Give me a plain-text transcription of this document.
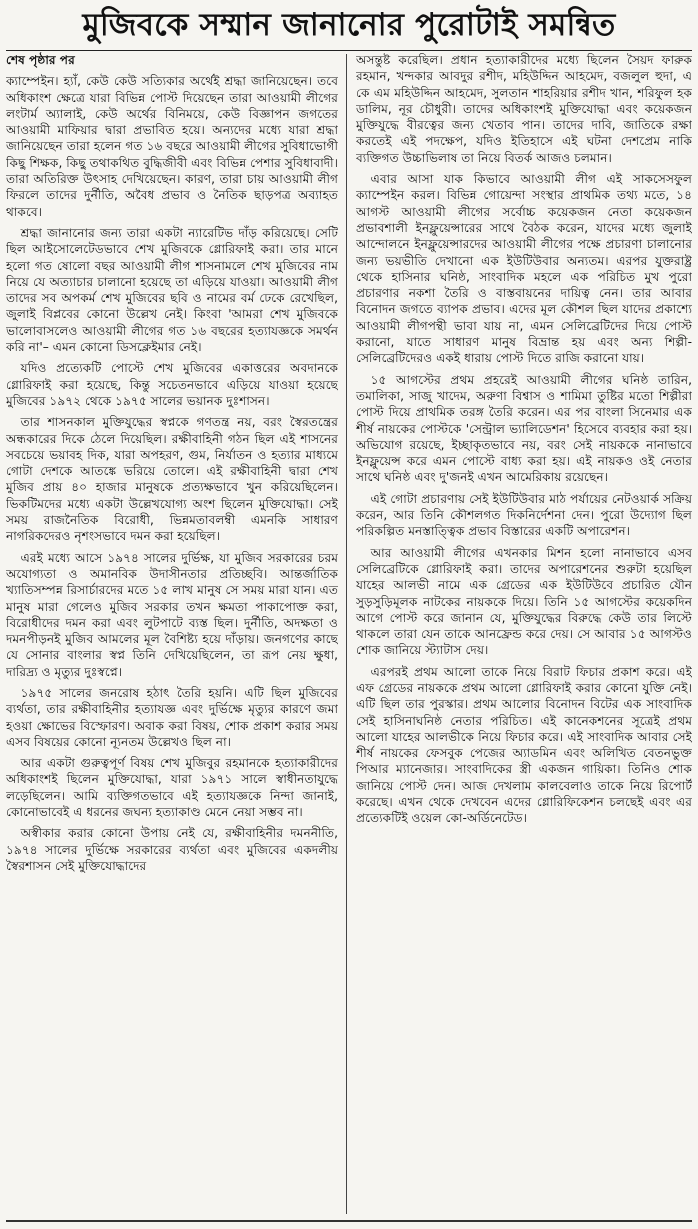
মুজিবকে সম্মান জানানোর পুরোটাই সমন্বিত

শেষ পৃষ্ঠার পর

ক্যাম্পেইন। হ্যাঁ, কেউ কেউ সত্যিকার অর্থেই শ্রদ্ধা জানিয়েছেন। তবে অধিকাংশ ক্ষেত্রে যারা বিভিন্ন পোস্ট দিয়েছেন তারা আওয়ামী লীগের লংটার্ম অ্যালাই, কেউ অর্থের বিনিময়ে, কেউ বিজ্ঞাপন জগতের আওয়ামী মাফিয়ার দ্বারা প্রভাবিত হয়ে। অন্যদের মধ্যে যারা শ্রদ্ধা জানিয়েছেন তারা হলেন গত ১৬ বছরে আওয়ামী লীগের সুবিধাভোগী কিছু শিক্ষক, কিছু তথাকথিত বুদ্ধিজীবী এবং বিভিন্ন পেশার সুবিধাবাদী। তারা অতিরিক্ত উৎসাহ দেখিয়েছেন। কারণ, তারা চায় আওয়ামী লীগ ফিরলে তাদের দুর্নীতি, অবৈধ প্রভাব ও নৈতিক ছাড়পত্র অব্যাহত থাকবে।

শ্রদ্ধা জানানোর জন্য তারা একটা ন্যারেটিভ দাঁড় করিয়েছে। সেটি ছিল আইসোলেটেডভাবে শেখ মুজিবকে গ্লোরিফাই করা। তার মানে হলো গত ষোলো বছর আওয়ামী লীগ শাসনামলে শেখ মুজিবের নাম নিয়ে যে অত্যাচার চালানো হয়েছে তা এড়িয়ে যাওয়া। আওয়ামী লীগ তাদের সব অপকর্ম শেখ মুজিবের ছবি ও নামের বর্ম ঢেকে রেখেছিল, জুলাই বিপ্লবের কোনো উল্লেখ নেই। কিংবা 'আমরা শেখ মুজিবকে ভালোবাসলেও আওয়ামী লীগের গত ১৬ বছরের হত্যাযজ্ঞকে সমর্থন করি না'– এমন কোনো ডিসক্লেইমার নেই।

যদিও প্রত্যেকটি পোস্টে শেখ মুজিবের একাত্তরের অবদানকে গ্লোরিফাই করা হয়েছে, কিন্তু সচেতনভাবে এড়িয়ে যাওয়া হয়েছে মুজিবের ১৯৭২ থেকে ১৯৭৫ সালের ভয়ানক দুঃশাসন।

তার শাসনকাল মুক্তিযুদ্ধের স্বপ্নকে গণতন্ত্র নয়, বরং স্বৈরতন্ত্রের অন্ধকারের দিকে ঠেলে দিয়েছিল। রক্ষীবাহিনী গঠন ছিল এই শাসনের সবচেয়ে ভয়াবহ দিক, যারা অপহরণ, গুম, নির্যাতন ও হত্যার মাধ্যমে গোটা দেশকে আতঙ্কে ভরিয়ে তোলে। এই রক্ষীবাহিনী দ্বারা শেখ মুজিব প্রায় ৪০ হাজার মানুষকে প্রত্যক্ষভাবে খুন করিয়েছিলেন। ভিকটিমদের মধ্যে একটা উল্লেখযোগ্য অংশ ছিলেন মুক্তিযোদ্ধা। সেই সময় রাজনৈতিক বিরোধী, ভিন্নমতাবলম্বী এমনকি সাধারণ নাগরিকদেরও নৃশংসভাবে দমন করা হয়েছিল।

এরই মধ্যে আসে ১৯৭৪ সালের দুর্ভিক্ষ, যা মুজিব সরকারের চরম অযোগ্যতা ও অমানবিক উদাসীনতার প্রতিচ্ছবি। আন্তর্জাতিক খ্যাতিসম্পন্ন রিসার্চারদের মতে ১৫ লাখ মানুষ সে সময় মারা যান। এত মানুষ মারা গেলেও মুজিব সরকার তখন ক্ষমতা পাকাপোক্ত করা, বিরোধীদের দমন করা এবং লুটপাটে ব্যস্ত ছিল। দুর্নীতি, অদক্ষতা ও দমনপীড়নই মুজিব আমলের মূল বৈশিষ্ট্য হয়ে দাঁড়ায়। জনগণের কাছে যে সোনার বাংলার স্বপ্ন তিনি দেখিয়েছিলেন, তা রূপ নেয় ক্ষুধা, দারিদ্র্য ও মৃত্যুর দুঃস্বপ্নে।

১৯৭৫ সালের জনরোষ হঠাৎ তৈরি হয়নি। এটি ছিল মুজিবের ব্যর্থতা, তার রক্ষীবাহিনীর হত্যাযজ্ঞ এবং দুর্ভিক্ষে মৃত্যুর কারণে জমা হওয়া ক্ষোভের বিস্ফোরণ। অবাক করা বিষয়, শোক প্রকাশ করার সময় এসব বিষয়ের কোনো ন্যূনতম উল্লেখও ছিল না।

আর একটা গুরুত্বপূর্ণ বিষয় শেখ মুজিবুর রহমানকে হত্যাকারীদের অধিকাংশই ছিলেন মুক্তিযোদ্ধা, যারা ১৯৭১ সালে স্বাধীনতাযুদ্ধে লড়েছিলেন। আমি ব্যক্তিগতভাবে এই হত্যাযজ্ঞকে নিন্দা জানাই, কোনোভাবেই এ ধরনের জঘন্য হত্যাকাণ্ড মেনে নেয়া সম্ভব না।

অস্বীকার করার কোনো উপায় নেই যে, রক্ষীবাহিনীর দমননীতি, ১৯৭৪ সালের দুর্ভিক্ষে সরকারের ব্যর্থতা এবং মুজিবের একদলীয় স্বৈরশাসন সেই মুক্তিযোদ্ধাদের

অসন্তুষ্ট করেছিল। প্রধান হত্যাকারীদের মধ্যে ছিলেন সৈয়দ ফারুক রহমান, খন্দকার আবদুর রশীদ, মহিউদ্দিন আহমেদ, বজলুল হুদা, এ কে এম মহিউদ্দিন আহমেদ, সুলতান শাহরিয়ার রশীদ খান, শরিফুল হক ডালিম, নূর চৌধুরী। তাদের অধিকাংশই মুক্তিযোদ্ধা এবং কয়েকজন মুক্তিযুদ্ধে বীরত্বের জন্য খেতাব পান। তাদের দাবি, জাতিকে রক্ষা করতেই এই পদক্ষেপ, যদিও ইতিহাসে এই ঘটনা দেশপ্রেম নাকি ব্যক্তিগত উচ্চাভিলাষ তা নিয়ে বিতর্ক আজও চলমান।

এবার আসা যাক কিভাবে আওয়ামী লীগ এই সাকসেসফুল ক্যাম্পেইন করল। বিভিন্ন গোয়েন্দা সংস্থার প্রাথমিক তথ্য মতে, ১৪ আগস্ট আওয়ামী লীগের সর্বোচ্চ কয়েকজন নেতা কয়েকজন প্রভাবশালী ইনফ্লুয়েন্সারের সাথে বৈঠক করেন, যাদের মধ্যে জুলাই আন্দোলনে ইনফ্লুয়েন্সারদের আওয়ামী লীগের পক্ষে প্রচারণা চালানোর জন্য ভয়ভীতি দেখানো এক ইউটিউবার অন্যতম। এরপর যুক্তরাষ্ট্র থেকে হাসিনার ঘনিষ্ঠ, সাংবাদিক মহলে এক পরিচিত মুখ পুরো প্রচারণার নকশা তৈরি ও বাস্তবায়নের দায়িত্ব নেন। তার আবার বিনোদন জগতে ব্যাপক প্রভাব। এদের মূল কৌশল ছিল যাদের প্রকাশ্যে আওয়ামী লীগপন্থী ভাবা যায় না, এমন সেলিব্রেটিদের দিয়ে পোস্ট করানো, যাতে সাধারণ মানুষ বিভ্রান্ত হয় এবং অন্য শিল্পী-সেলিব্রেটিদেরও একই ধারায় পোস্ট দিতে রাজি করানো যায়।

১৫ আগস্টের প্রথম প্রহরেই আওয়ামী লীগের ঘনিষ্ঠ তারিন, তমালিকা, সাজু খাদেম, অরুণা বিশ্বাস ও শামিমা তুষ্টির মতো শিল্পীরা পোস্ট দিয়ে প্রাথমিক তরঙ্গ তৈরি করেন। এর পর বাংলা সিনেমার এক শীর্ষ নায়কের পোস্টকে 'সেন্ট্রাল ভ্যালিডেশন' হিসেবে ব্যবহার করা হয়। অভিযোগ রয়েছে, ইচ্ছাকৃতভাবে নয়, বরং সেই নায়ককে নানাভাবে ইনফ্লুয়েন্স করে এমন পোস্টে বাধ্য করা হয়। এই নায়কও ওই নেতার সাথে ঘনিষ্ঠ এবং দু'জনই এখন আমেরিকায় রয়েছেন।

এই গোটা প্রচারণায় সেই ইউটিউবার মাঠ পর্যায়ের নেটওয়ার্ক সক্রিয় করেন, আর তিনি কৌশলগত দিকনির্দেশনা দেন। পুরো উদ্যোগ ছিল পরিকল্পিত মনস্তাত্ত্বিক প্রভাব বিস্তারের একটি অপারেশন।

আর আওয়ামী লীগের এখনকার মিশন হলো নানাভাবে এসব সেলিব্রেটিকে গ্লোরিফাই করা। তাদের অপারেশনের শুরুটা হয়েছিল যাহের আলভী নামে এক গ্রেডের এক ইউটিউবে প্রচারিত যৌন সুড়সুড়িমূলক নাটকের নায়ককে দিয়ে। তিনি ১৫ আগস্টের কয়েকদিন আগে পোস্ট করে জানান যে, মুক্তিযুদ্ধের বিরুদ্ধে কেউ তার লিস্টে থাকলে তারা যেন তাকে আনফ্রেন্ড করে দেয়। সে আবার ১৫ আগস্টও শোক জানিয়ে স্ট্যাটাস দেয়।

এরপরই প্রথম আলো তাকে নিয়ে বিরাট ফিচার প্রকাশ করে। এই এফ গ্রেডের নায়ককে প্রথম আলো গ্লোরিফাই করার কোনো যুক্তি নেই। এটি ছিল তার পুরস্কার। প্রথম আলোর বিনোদন বিটের এক সাংবাদিক সেই হাসিনাঘনিষ্ঠ নেতার পরিচিত। এই কানেকশনের সূত্রেই প্রথম আলো যাহের আলভীকে নিয়ে ফিচার করে। এই সাংবাদিক আবার সেই শীর্ষ নায়কের ফেসবুক পেজের অ্যাডমিন এবং অলিখিত বেতনভুক্ত পিআর ম্যানেজার। সাংবাদিকের স্ত্রী একজন গায়িকা। তিনিও শোক জানিয়ে পোস্ট দেন। আজ দেখলাম কালবেলাও তাকে নিয়ে রিপোর্ট করেছে। এখন থেকে দেখবেন এদের গ্লোরিফিকেশন চলছেই এবং এর প্রত্যেকটিই ওয়েল কো-অর্ডিনেটেড।
